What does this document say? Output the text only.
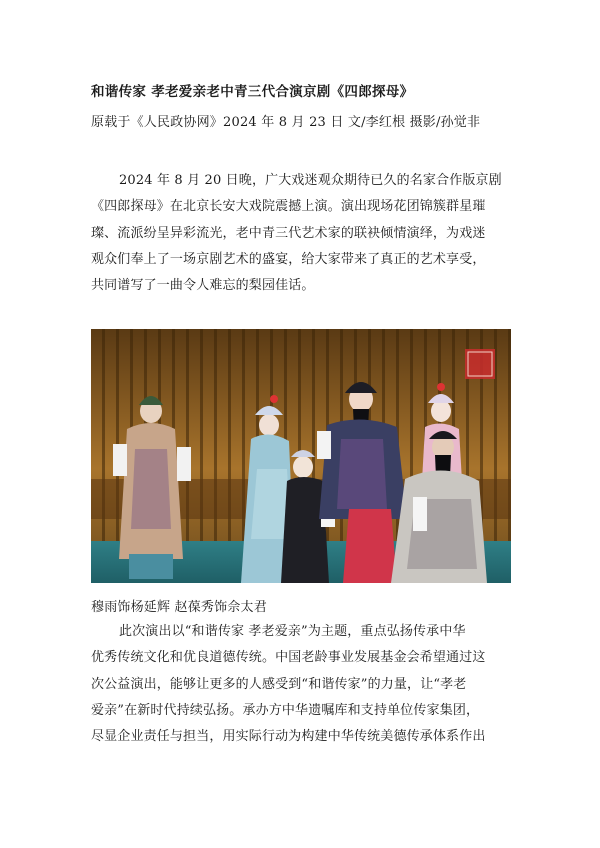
和谐传家 孝老爱亲老中青三代合演京剧《四郎探母》
原载于《人民政协网》2024 年 8 月 23 日 文/李红根 摄影/孙觉非
2024 年 8 月 20 日晚，广大戏迷观众期待已久的名家合作版京剧
《四郎探母》在北京长安大戏院震撼上演。演出现场花团锦簇群星璀
璨、流派纷呈异彩流光，老中青三代艺术家的联袂倾情演绎，为戏迷
观众们奉上了一场京剧艺术的盛宴，给大家带来了真正的艺术享受，
共同谱写了一曲令人难忘的梨园佳话。
穆雨饰杨延辉 赵葆秀饰佘太君
此次演出以“和谐传家 孝老爱亲”为主题，重点弘扬传承中华
优秀传统文化和优良道德传统。中国老龄事业发展基金会希望通过这
次公益演出，能够让更多的人感受到“和谐传家”的力量，让“孝老
爱亲”在新时代持续弘扬。承办方中华遗嘱库和支持单位传家集团，
尽显企业责任与担当，用实际行动为构建中华传统美德传承体系作出
